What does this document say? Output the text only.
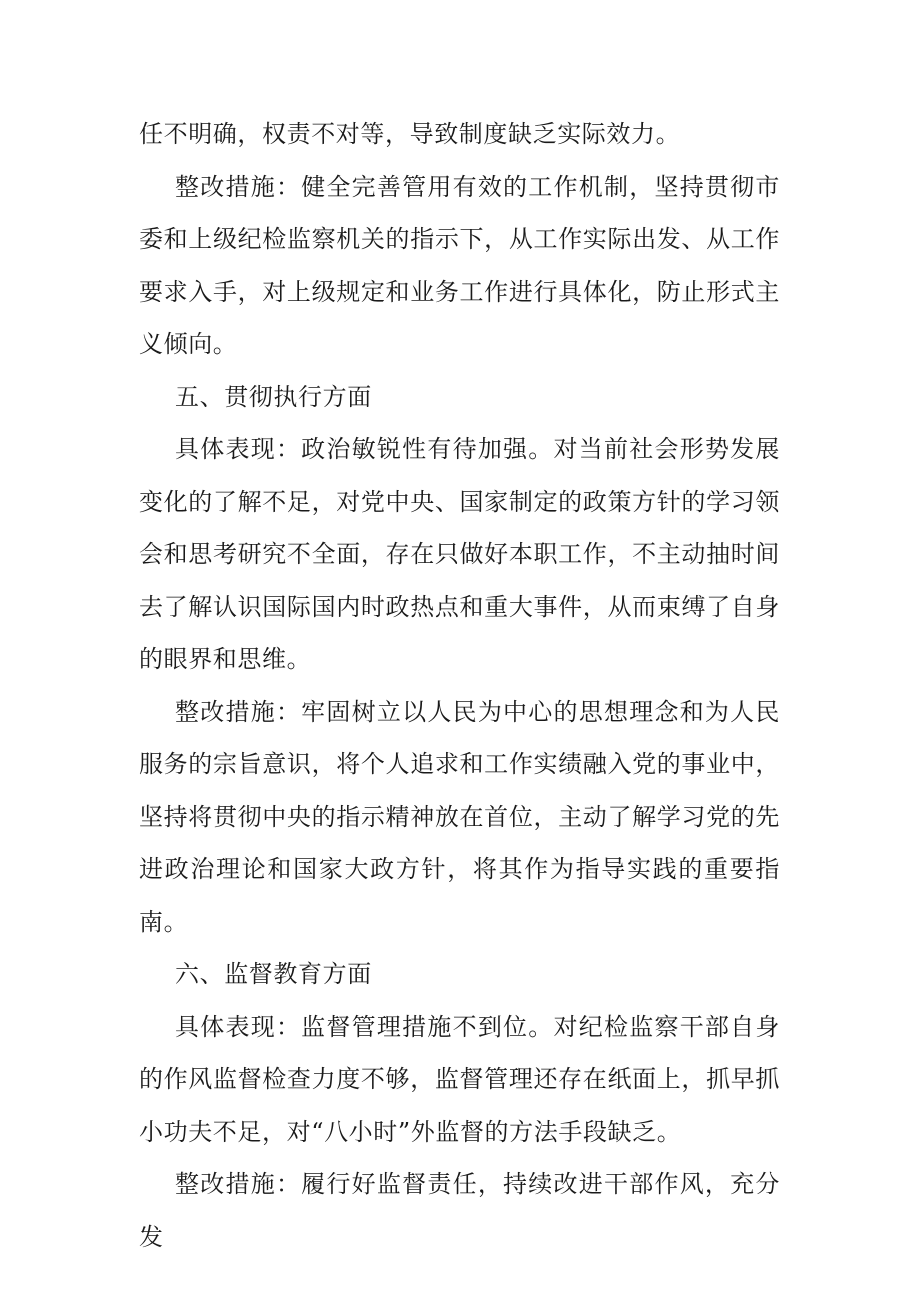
任不明确，权责不对等，导致制度缺乏实际效力。

整改措施：健全完善管用有效的工作机制，坚持贯彻市委和上级纪检监察机关的指示下，从工作实际出发、从工作要求入手，对上级规定和业务工作进行具体化，防止形式主义倾向。

五、贯彻执行方面

具体表现：政治敏锐性有待加强。对当前社会形势发展变化的了解不足，对党中央、国家制定的政策方针的学习领会和思考研究不全面，存在只做好本职工作，不主动抽时间去了解认识国际国内时政热点和重大事件，从而束缚了自身的眼界和思维。

整改措施：牢固树立以人民为中心的思想理念和为人民服务的宗旨意识，将个人追求和工作实绩融入党的事业中，坚持将贯彻中央的指示精神放在首位，主动了解学习党的先进政治理论和国家大政方针，将其作为指导实践的重要指南。

六、监督教育方面

具体表现：监督管理措施不到位。对纪检监察干部自身的作风监督检查力度不够，监督管理还存在纸面上，抓早抓小功夫不足，对“八小时”外监督的方法手段缺乏。

整改措施：履行好监督责任，持续改进干部作风，充分发
